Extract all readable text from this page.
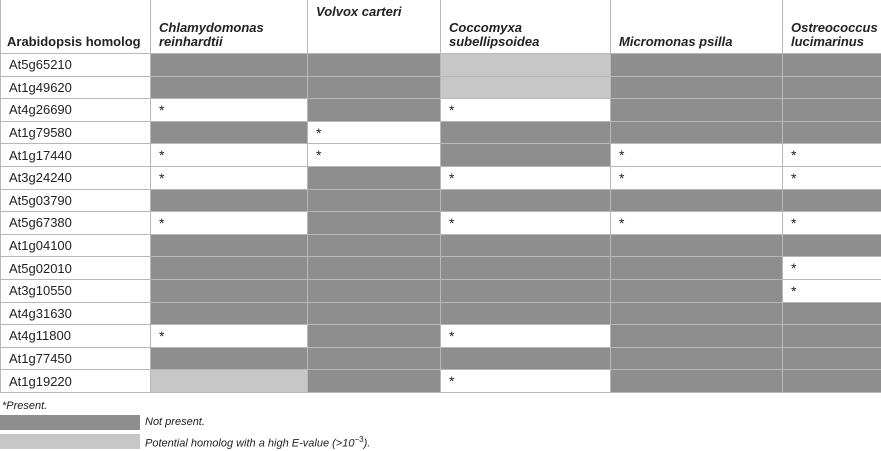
Arabidopsis homolog	Chlamydomonas
reinhardtii	Volvox carteri	Coccomyxa
subellipsoidea	Micromonas psilla	Ostreococcus
lucimarinus
At5g65210					
At1g49620					
At4g26690	*		*		
At1g79580		*			
At1g17440	*	*		*	*
At3g24240	*		*	*	*
At5g03790					
At5g67380	*		*	*	*
At1g04100					
At5g02010					*
At3g10550					*
At4g31630					
At4g11800	*		*		
At1g77450					
At1g19220			*		
*Present.
Not present.
Potential homolog with a high E-value $(>10^{-3})$.
